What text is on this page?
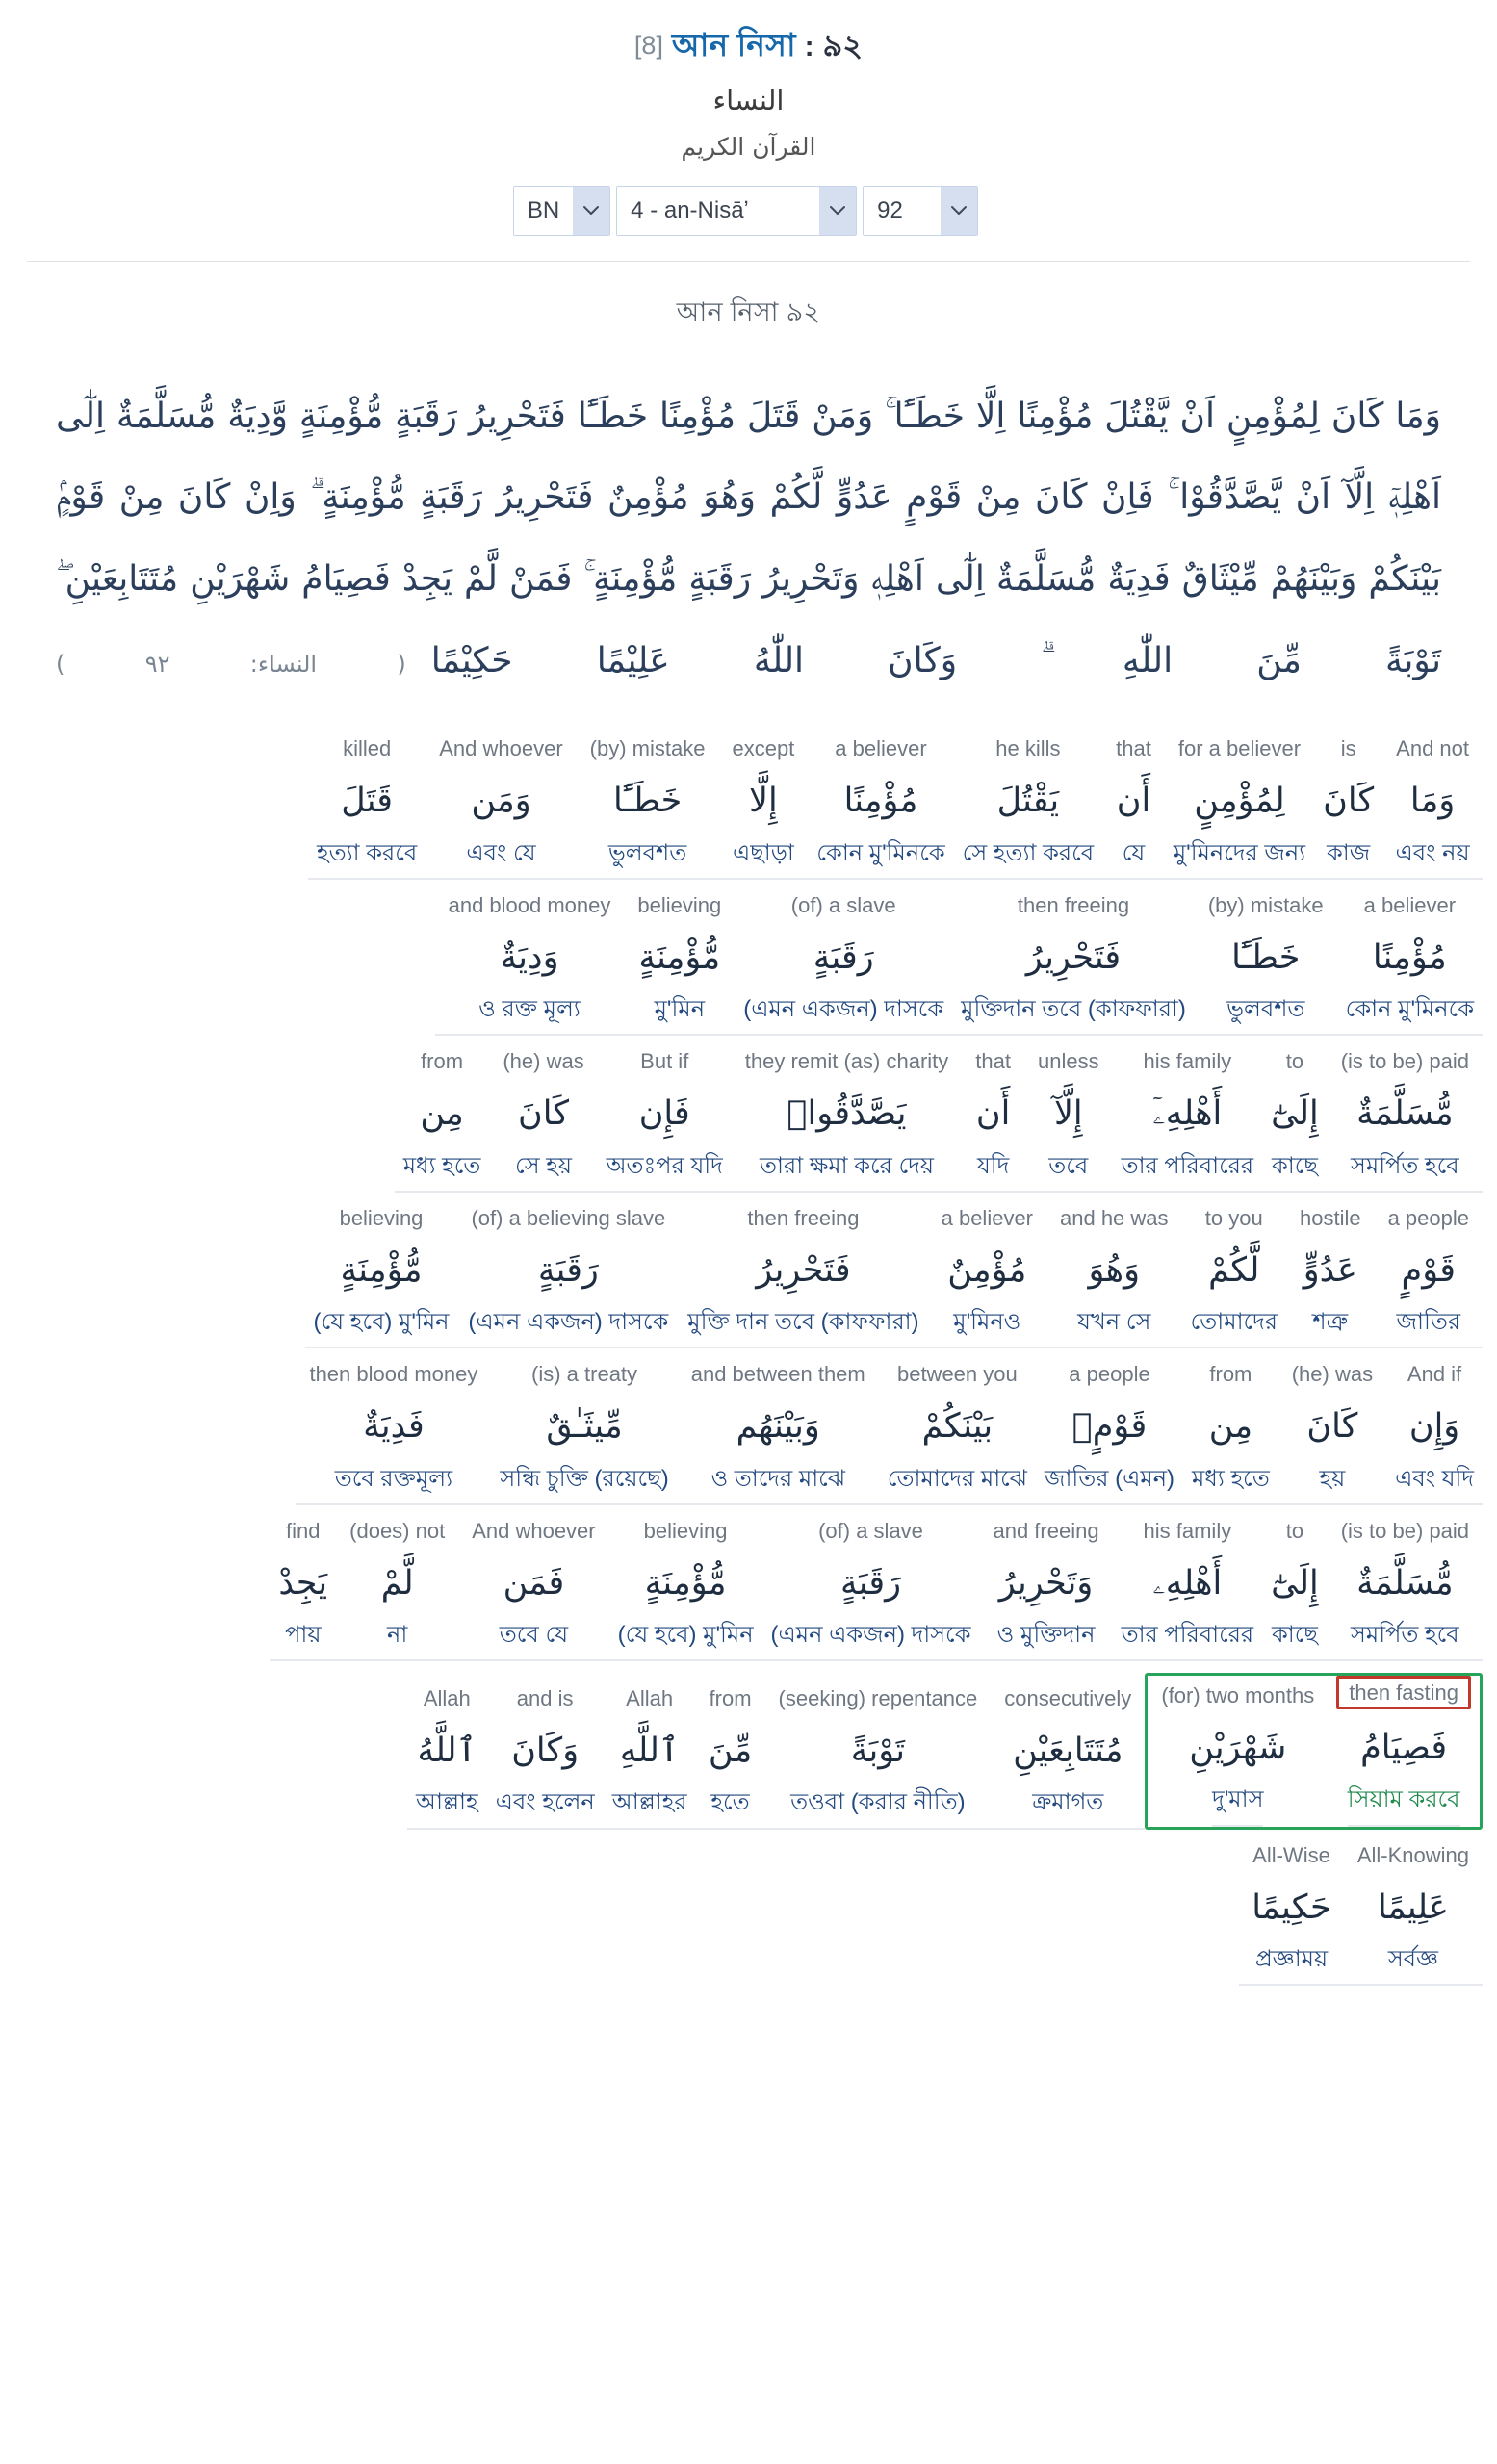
[8] আন নিসা : ৯২
النساء
القرآن الكريم
BN	4 - an-Nisāʼ	92
আন নিসা ৯২
وَمَا كَانَ لِمُؤْمِنٍ اَنْ يَّقْتُلَ مُؤْمِنًا اِلَّا خَطَـًٔا ۚ وَمَنْ قَتَلَ مُؤْمِنًا خَطَـًٔا فَتَحْرِيرُ رَقَبَةٍ مُّؤْمِنَةٍ وَّدِيَةٌ مُّسَلَّمَةٌ اِلٰٓى اَهْلِهٖٓ اِلَّآ اَنْ يَّصَّدَّقُوْا ۚ فَاِنْ كَانَ مِنْ قَوْمٍ عَدُوٍّ لَّكُمْ وَهُوَ مُؤْمِنٌ فَتَحْرِيرُ رَقَبَةٍ مُّؤْمِنَةٍ ۗ وَاِنْ كَانَ مِنْ قَوْمٍۢ بَيْنَكُمْ وَبَيْنَهُمْ مِّيْثَاقٌ فَدِيَةٌ مُّسَلَّمَةٌ اِلٰٓى اَهْلِهٖ وَتَحْرِيرُ رَقَبَةٍ مُّؤْمِنَةٍ ۚ فَمَنْ لَّمْ يَجِدْ فَصِيَامُ شَهْرَيْنِ مُتَتَابِعَيْنِ ۖ تَوْبَةً مِّنَ اللّٰهِ ۗ وَكَانَ اللّٰهُ عَلِيْمًا حَكِيْمًا( النساء: ٩٢ )
And not
وَمَا
এবং নয়
is
كَانَ
কাজ
for a believer
لِمُؤْمِنٍ
মু'মিনদের জন্য
that
أَن
যে
he kills
يَقْتُلَ
সে হত্যা করবে
a believer
مُؤْمِنًا
কোন মু'মিনকে
except
إِلَّا
এছাড়া
(by) mistake
خَطَـًٔا
ভুলবশত
And whoever
وَمَن
এবং যে
killed
قَتَلَ
হত্যা করবে
a believer
مُؤْمِنًا
কোন মু'মিনকে
(by) mistake
خَطَـًٔا
ভুলবশত
then freeing
فَتَحْرِيرُ
মুক্তিদান তবে (কাফফারা)
(of) a slave
رَقَبَةٍ
(এমন একজন) দাসকে
believing
مُّؤْمِنَةٍ
মু'মিন
and blood money
وَدِيَةٌ
ও রক্ত মূল্য
(is to be) paid
مُّسَلَّمَةٌ
সমর্পিত হবে
to
إِلَىٰٓ
কাছে
his family
أَهْلِهِۦٓ
তার পরিবারের
unless
إِلَّآ
তবে
that
أَن
যদি
they remit (as) charity
يَصَّدَّقُوا۟
তারা ক্ষমা করে দেয়
But if
فَإِن
অতঃপর যদি
(he) was
كَانَ
সে হয়
from
مِن
মধ্য হতে
a people
قَوْمٍ
জাতির
hostile
عَدُوٍّ
শত্রু
to you
لَّكُمْ
তোমাদের
and he was
وَهُوَ
যখন সে
a believer
مُؤْمِنٌ
মু'মিনও
then freeing
فَتَحْرِيرُ
মুক্তি দান তবে (কাফফারা)
(of) a believing slave
رَقَبَةٍ
(এমন একজন) দাসকে
believing
مُّؤْمِنَةٍ
(যে হবে) মু'মিন
And if
وَإِن
এবং যদি
(he) was
كَانَ
হয়
from
مِن
মধ্য হতে
a people
قَوْمٍۭ
জাতির (এমন)
between you
بَيْنَكُمْ
তোমাদের মাঝে
and between them
وَبَيْنَهُم
ও তাদের মাঝে
(is) a treaty
مِّيثَـٰقٌ
সন্ধি চুক্তি (রয়েছে)
then blood money
فَدِيَةٌ
তবে রক্তমূল্য
(is to be) paid
مُّسَلَّمَةٌ
সমর্পিত হবে
to
إِلَىٰٓ
কাছে
his family
أَهْلِهِۦ
তার পরিবারের
and freeing
وَتَحْرِيرُ
ও মুক্তিদান
(of) a slave
رَقَبَةٍ
(এমন একজন) দাসকে
believing
مُّؤْمِنَةٍ
(যে হবে) মু'মিন
And whoever
فَمَن
তবে যে
(does) not
لَّمْ
না
find
يَجِدْ
পায়
then fasting
فَصِيَامُ
সিয়াম করবে
(for) two months
شَهْرَيْنِ
দু'মাস
consecutively
مُتَتَابِعَيْنِ
ক্রমাগত
(seeking) repentance
تَوْبَةً
তওবা (করার নীতি)
from
مِّنَ
হতে
Allah
ٱللَّهِ
আল্লাহর
and is
وَكَانَ
এবং হলেন
Allah
ٱللَّهُ
আল্লাহ
All-Knowing
عَلِيمًا
সর্বজ্ঞ
All-Wise
حَكِيمًا
প্রজ্ঞাময়
